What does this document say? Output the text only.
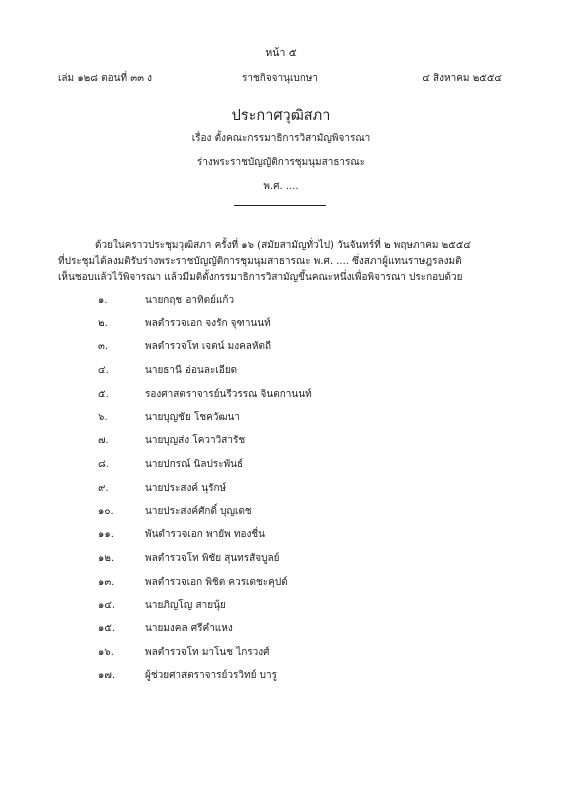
หน้า ๕
เล่ม ๑๒๘ ตอนที่ ๓๓ ง	ราชกิจจานุเบกษา	๔ สิงหาคม ๒๕๕๔
ประกาศวุฒิสภา
เรื่อง ตั้งคณะกรรมาธิการวิสามัญพิจารณา
ร่างพระราชบัญญัติการชุมนุมสาธารณะ
พ.ศ. ....
ด้วยในคราวประชุมวุฒิสภา ครั้งที่ ๑๖ (สมัยสามัญทั่วไป) วันจันทร์ที่ ๒ พฤษภาคม ๒๕๕๔
ที่ประชุมได้ลงมติรับร่างพระราชบัญญัติการชุมนุมสาธารณะ พ.ศ. .... ซึ่งสภาผู้แทนราษฎรลงมติ
เห็นชอบแล้วไว้พิจารณา แล้วมีมติตั้งกรรมาธิการวิสามัญขึ้นคณะหนึ่งเพื่อพิจารณา ประกอบด้วย
๑.	นายกฤช อาทิตย์แก้ว
๒.	พลตำรวจเอก จงรัก จุฑานนท์
๓.	พลตำรวจโท เจตน์ มงคลหัตถี
๔.	นายธานี อ่อนละเอียด
๕.	รองศาสตราจารย์นรีวรรณ จินตกานนท์
๖.	นายบุญชัย โชควัฒนา
๗.	นายบุญส่ง โควาวิสารัช
๘.	นายปกรณ์ นิลประพันธ์
๙.	นายประสงค์ นุรักษ์
๑๐.	นายประสงค์ศักดิ์ บุญเดช
๑๑.	พันตำรวจเอก พายัพ ทองชื่น
๑๒.	พลตำรวจโท พิชัย สุนทรสัจบูลย์
๑๓.	พลตำรวจเอก พิชิต ควรเดชะคุปต์
๑๔.	นายภิญโญ สายนุ้ย
๑๕.	นายมงคล ศรีคำแหง
๑๖.	พลตำรวจโท มาโนช ไกรวงศ์
๑๗.	ผู้ช่วยศาสตราจารย์วรวิทย์ บารู
